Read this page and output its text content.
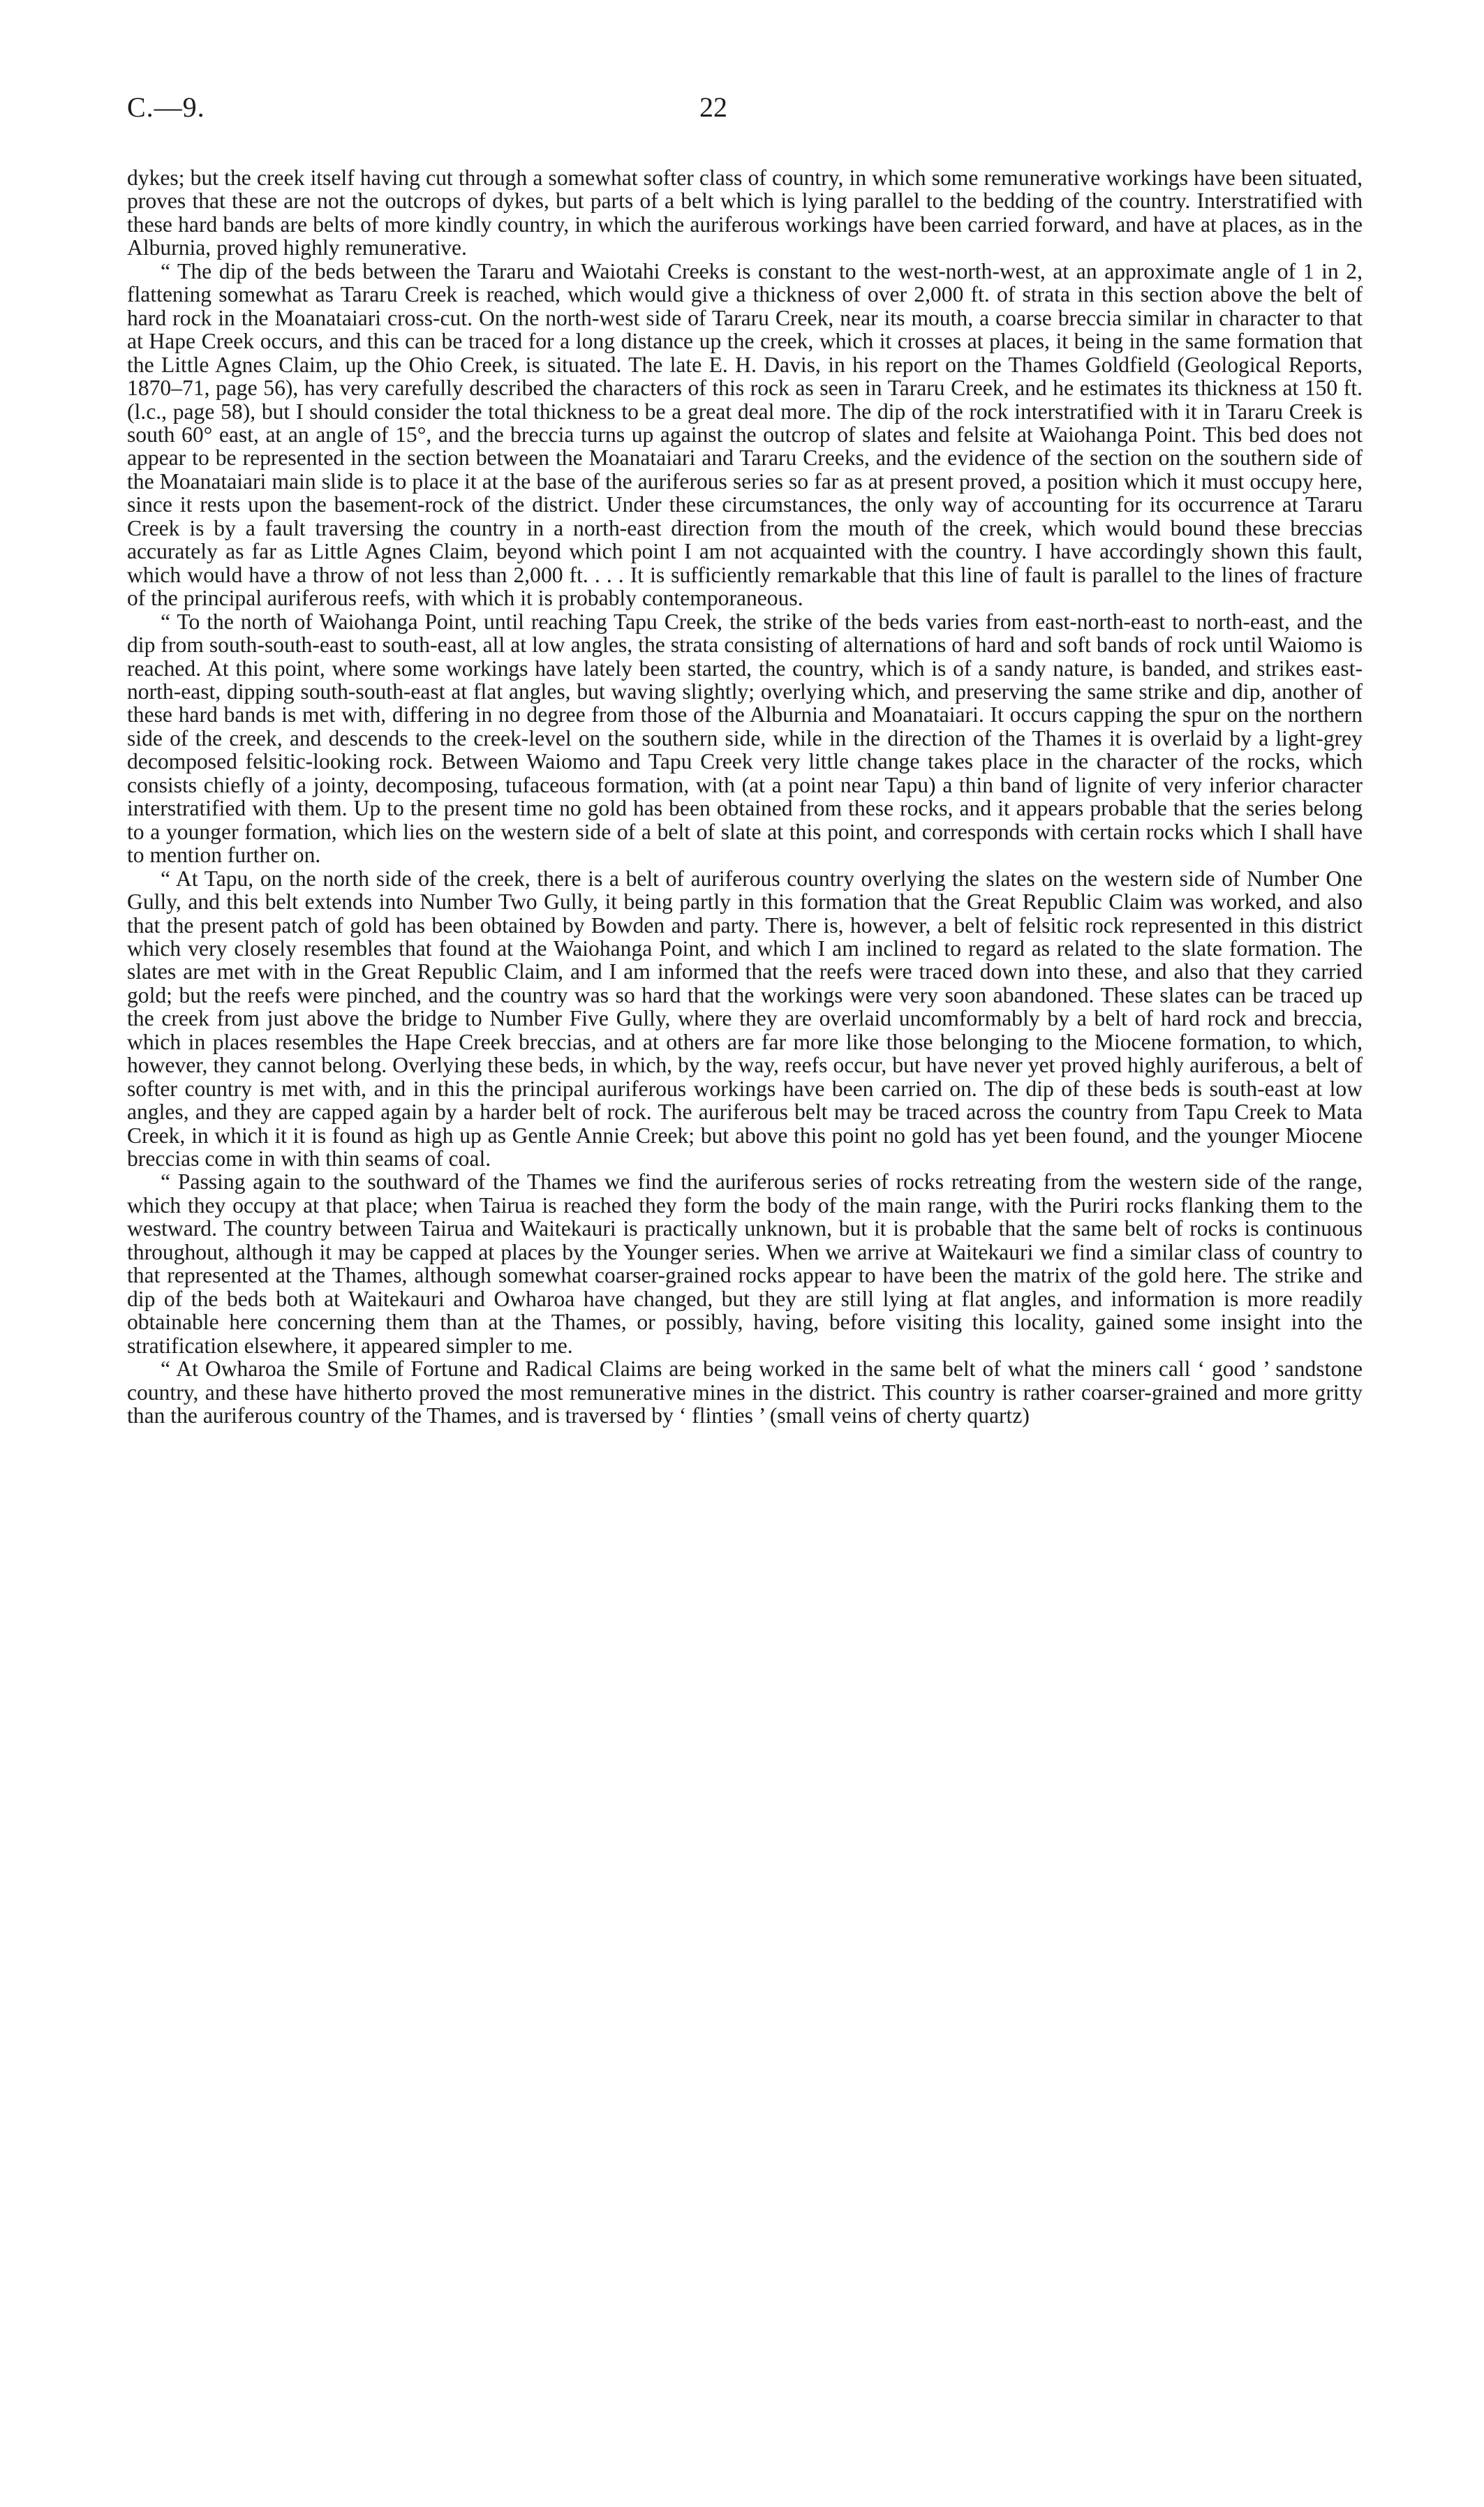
C.—9.	22

dykes; but the creek itself having cut through a somewhat softer class of country, in which some remunerative workings have been situated, proves that these are not the outcrops of dykes, but parts of a belt which is lying parallel to the bedding of the country. Interstratified with these hard bands are belts of more kindly country, in which the auriferous workings have been carried forward, and have at places, as in the Alburnia, proved highly remunerative.

“ The dip of the beds between the Tararu and Waiotahi Creeks is constant to the west-north-west, at an approximate angle of 1 in 2, flattening somewhat as Tararu Creek is reached, which would give a thickness of over 2,000 ft. of strata in this section above the belt of hard rock in the Moanataiari cross-cut. On the north-west side of Tararu Creek, near its mouth, a coarse breccia similar in character to that at Hape Creek occurs, and this can be traced for a long distance up the creek, which it crosses at places, it being in the same formation that the Little Agnes Claim, up the Ohio Creek, is situated. The late E. H. Davis, in his report on the Thames Goldfield (Geological Reports, 1870–71, page 56), has very carefully described the characters of this rock as seen in Tararu Creek, and he estimates its thickness at 150 ft. (l.c., page 58), but I should consider the total thickness to be a great deal more. The dip of the rock interstratified with it in Tararu Creek is south 60° east, at an angle of 15°, and the breccia turns up against the outcrop of slates and felsite at Waiohanga Point. This bed does not appear to be represented in the section between the Moanataiari and Tararu Creeks, and the evidence of the section on the southern side of the Moanataiari main slide is to place it at the base of the auriferous series so far as at present proved, a position which it must occupy here, since it rests upon the basement-rock of the district. Under these circumstances, the only way of accounting for its occurrence at Tararu Creek is by a fault traversing the country in a north-east direction from the mouth of the creek, which would bound these breccias accurately as far as Little Agnes Claim, beyond which point I am not acquainted with the country. I have accordingly shown this fault, which would have a throw of not less than 2,000 ft. . . . It is sufficiently remarkable that this line of fault is parallel to the lines of fracture of the principal auriferous reefs, with which it is probably contemporaneous.

“ To the north of Waiohanga Point, until reaching Tapu Creek, the strike of the beds varies from east-north-east to north-east, and the dip from south-south-east to south-east, all at low angles, the strata consisting of alternations of hard and soft bands of rock until Waiomo is reached. At this point, where some workings have lately been started, the country, which is of a sandy nature, is banded, and strikes east-north-east, dipping south-south-east at flat angles, but waving slightly; overlying which, and preserving the same strike and dip, another of these hard bands is met with, differing in no degree from those of the Alburnia and Moanataiari. It occurs capping the spur on the northern side of the creek, and descends to the creek-level on the southern side, while in the direction of the Thames it is overlaid by a light-grey decomposed felsitic-looking rock. Between Waiomo and Tapu Creek very little change takes place in the character of the rocks, which consists chiefly of a jointy, decomposing, tufaceous formation, with (at a point near Tapu) a thin band of lignite of very inferior character interstratified with them. Up to the present time no gold has been obtained from these rocks, and it appears probable that the series belong to a younger formation, which lies on the western side of a belt of slate at this point, and corresponds with certain rocks which I shall have to mention further on.

“ At Tapu, on the north side of the creek, there is a belt of auriferous country overlying the slates on the western side of Number One Gully, and this belt extends into Number Two Gully, it being partly in this formation that the Great Republic Claim was worked, and also that the present patch of gold has been obtained by Bowden and party. There is, however, a belt of felsitic rock represented in this district which very closely resembles that found at the Waiohanga Point, and which I am inclined to regard as related to the slate formation. The slates are met with in the Great Republic Claim, and I am informed that the reefs were traced down into these, and also that they carried gold; but the reefs were pinched, and the country was so hard that the workings were very soon abandoned. These slates can be traced up the creek from just above the bridge to Number Five Gully, where they are overlaid uncomformably by a belt of hard rock and breccia, which in places resembles the Hape Creek breccias, and at others are far more like those belonging to the Miocene formation, to which, however, they cannot belong. Overlying these beds, in which, by the way, reefs occur, but have never yet proved highly auriferous, a belt of softer country is met with, and in this the principal auriferous workings have been carried on. The dip of these beds is south-east at low angles, and they are capped again by a harder belt of rock. The auriferous belt may be traced across the country from Tapu Creek to Mata Creek, in which it it is found as high up as Gentle Annie Creek; but above this point no gold has yet been found, and the younger Miocene breccias come in with thin seams of coal.

“ Passing again to the southward of the Thames we find the auriferous series of rocks retreating from the western side of the range, which they occupy at that place; when Tairua is reached they form the body of the main range, with the Puriri rocks flanking them to the westward. The country between Tairua and Waitekauri is practically unknown, but it is probable that the same belt of rocks is continuous throughout, although it may be capped at places by the Younger series. When we arrive at Waitekauri we find a similar class of country to that represented at the Thames, although somewhat coarser-grained rocks appear to have been the matrix of the gold here. The strike and dip of the beds both at Waitekauri and Owharoa have changed, but they are still lying at flat angles, and information is more readily obtainable here concerning them than at the Thames, or possibly, having, before visiting this locality, gained some insight into the stratification elsewhere, it appeared simpler to me.

“ At Owharoa the Smile of Fortune and Radical Claims are being worked in the same belt of what the miners call ‘ good ’ sandstone country, and these have hitherto proved the most remunerative mines in the district. This country is rather coarser-grained and more gritty than the auriferous country of the Thames, and is traversed by ‘ flinties ’ (small veins of cherty quartz)
